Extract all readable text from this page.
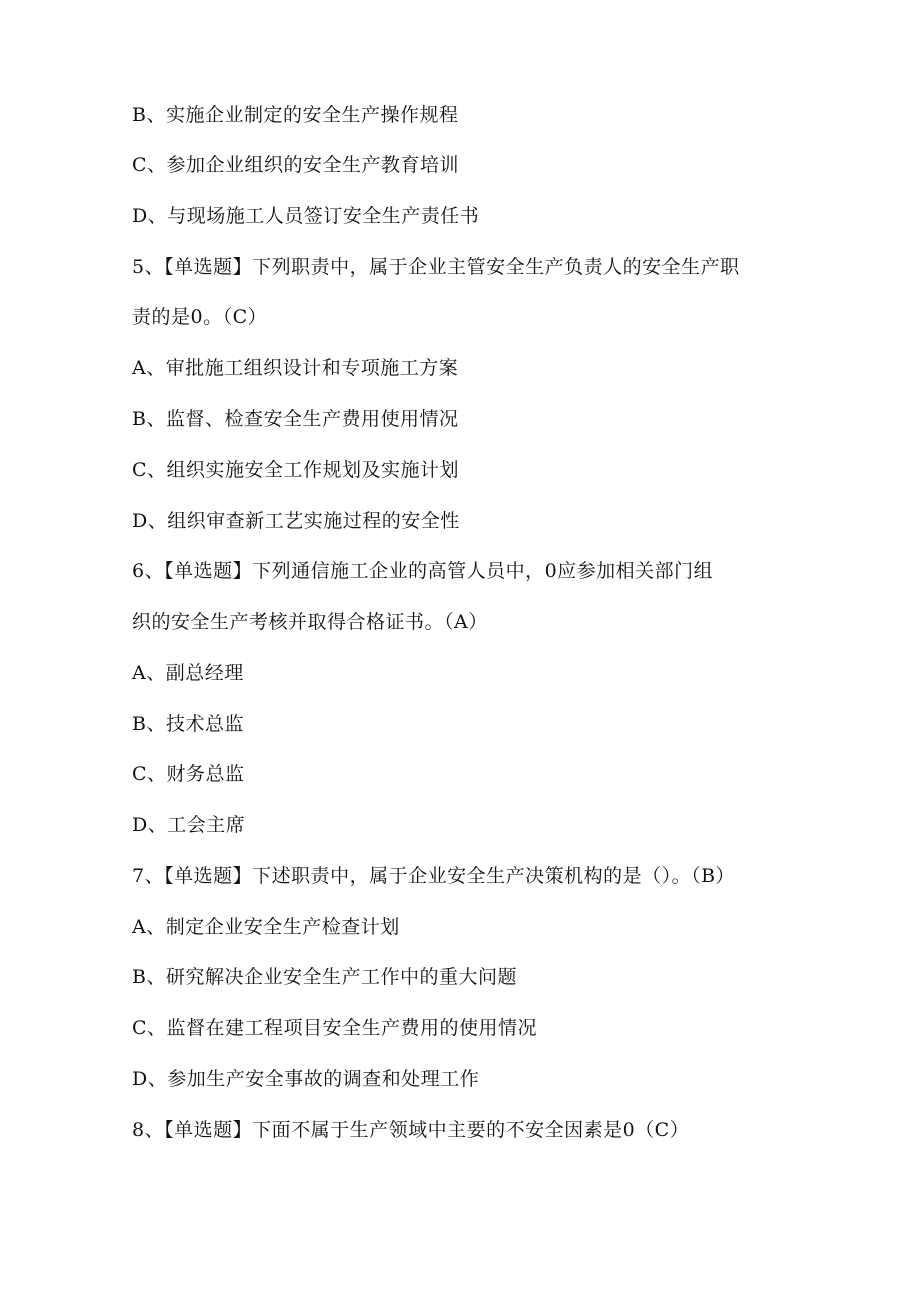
B、实施企业制定的安全生产操作规程
C、参加企业组织的安全生产教育培训
D、与现场施工人员签订安全生产责任书
5、【单选题】下列职责中，属于企业主管安全生产负责人的安全生产职
责的是0。（C）
A、审批施工组织设计和专项施工方案
B、监督、检查安全生产费用使用情况
C、组织实施安全工作规划及实施计划
D、组织审查新工艺实施过程的安全性
6、【单选题】下列通信施工企业的高管人员中，0应参加相关部门组
织的安全生产考核并取得合格证书。（A）
A、副总经理
B、技术总监
C、财务总监
D、工会主席
7、【单选题】下述职责中，属于企业安全生产决策机构的是（）。（B）
A、制定企业安全生产检查计划
B、研究解决企业安全生产工作中的重大问题
C、监督在建工程项目安全生产费用的使用情况
D、参加生产安全事故的调查和处理工作
8、【单选题】下面不属于生产领域中主要的不安全因素是0（C）
